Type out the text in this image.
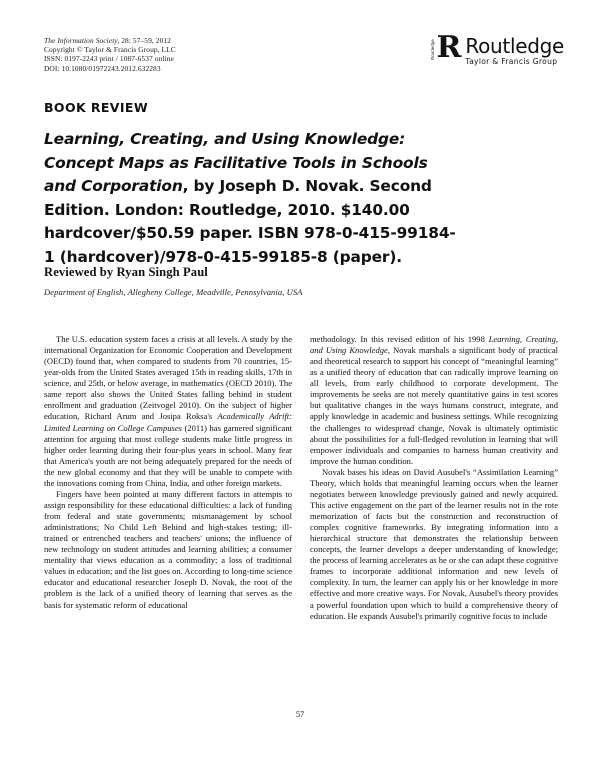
The Information Society, 28: 57–59, 2012
Copyright © Taylor & Francis Group, LLC
ISSN: 0197-2243 print / 1087-6537 online
DOI: 10.1080/01972243.2012.632283
Routledge R Routledge
Taylor & Francis Group
BOOK REVIEW
Learning, Creating, and Using Knowledge: Concept Maps as Facilitative Tools in Schools and Corporation, by Joseph D. Novak. Second Edition. London: Routledge, 2010. $140.00 hardcover/$50.59 paper. ISBN 978-0-415-99184-1 (hardcover)/978-0-415-99185-8 (paper).
Reviewed by Ryan Singh Paul
Department of English, Allegheny College, Meadville, Pennsylvania, USA

The U.S. education system faces a crisis at all levels. A study by the international Organization for Economic Cooperation and Development (OECD) found that, when compared to students from 70 countries, 15-year-olds from the United States averaged 15th in reading skills, 17th in science, and 25th, or below average, in mathematics (OECD 2010). The same report also shows the United States falling behind in student enrollment and graduation (Zeitvogel 2010). On the subject of higher education, Richard Arum and Josipa Roksa's Academically Adrift: Limited Learning on College Campuses (2011) has garnered significant attention for arguing that most college students make little progress in higher order learning during their four-plus years in school. Many fear that America's youth are not being adequately prepared for the needs of the new global economy and that they will be unable to compete with the innovations coming from China, India, and other foreign markets.

Fingers have been pointed at many different factors in attempts to assign responsibility for these educational difficulties: a lack of funding from federal and state governments; mismanagement by school administrations; No Child Left Behind and high-stakes testing; ill-trained or entrenched teachers and teachers' unions; the influence of new technology on student attitudes and learning abilities; a consumer mentality that views education as a commodity; a loss of traditional values in education; and the list goes on. According to long-time science educator and educational researcher Joseph D. Novak, the root of the problem is the lack of a unified theory of learning that serves as the basis for systematic reform of educational

methodology. In this revised edition of his 1998 Learning, Creating, and Using Knowledge, Novak marshals a significant body of practical and theoretical research to support his concept of “meaningful learning” as a unified theory of education that can radically improve learning on all levels, from early childhood to corporate development. The improvements he seeks are not merely quantitative gains in test scores but qualitative changes in the ways humans construct, integrate, and apply knowledge in academic and business settings. While recognizing the challenges to widespread change, Novak is ultimately optimistic about the possibilities for a full-fledged revolution in learning that will empower individuals and companies to harness human creativity and improve the human condition.

Novak bases his ideas on David Ausubel's “Assimilation Learning” Theory, which holds that meaningful learning occurs when the learner negotiates between knowledge previously gained and newly acquired. This active engagement on the part of the learner results not in the rote memorization of facts but the construction and reconstruction of complex cognitive frameworks. By integrating information into a hierarchical structure that demonstrates the relationship between concepts, the learner develops a deeper understanding of knowledge; the process of learning accelerates as he or she can adapt these cognitive frames to incorporate additional information and new levels of complexity. In turn, the learner can apply his or her knowledge in more effective and more creative ways. For Novak, Ausubel's theory provides a powerful foundation upon which to build a comprehensive theory of education. He expands Ausubel's primarily cognitive focus to include

57
